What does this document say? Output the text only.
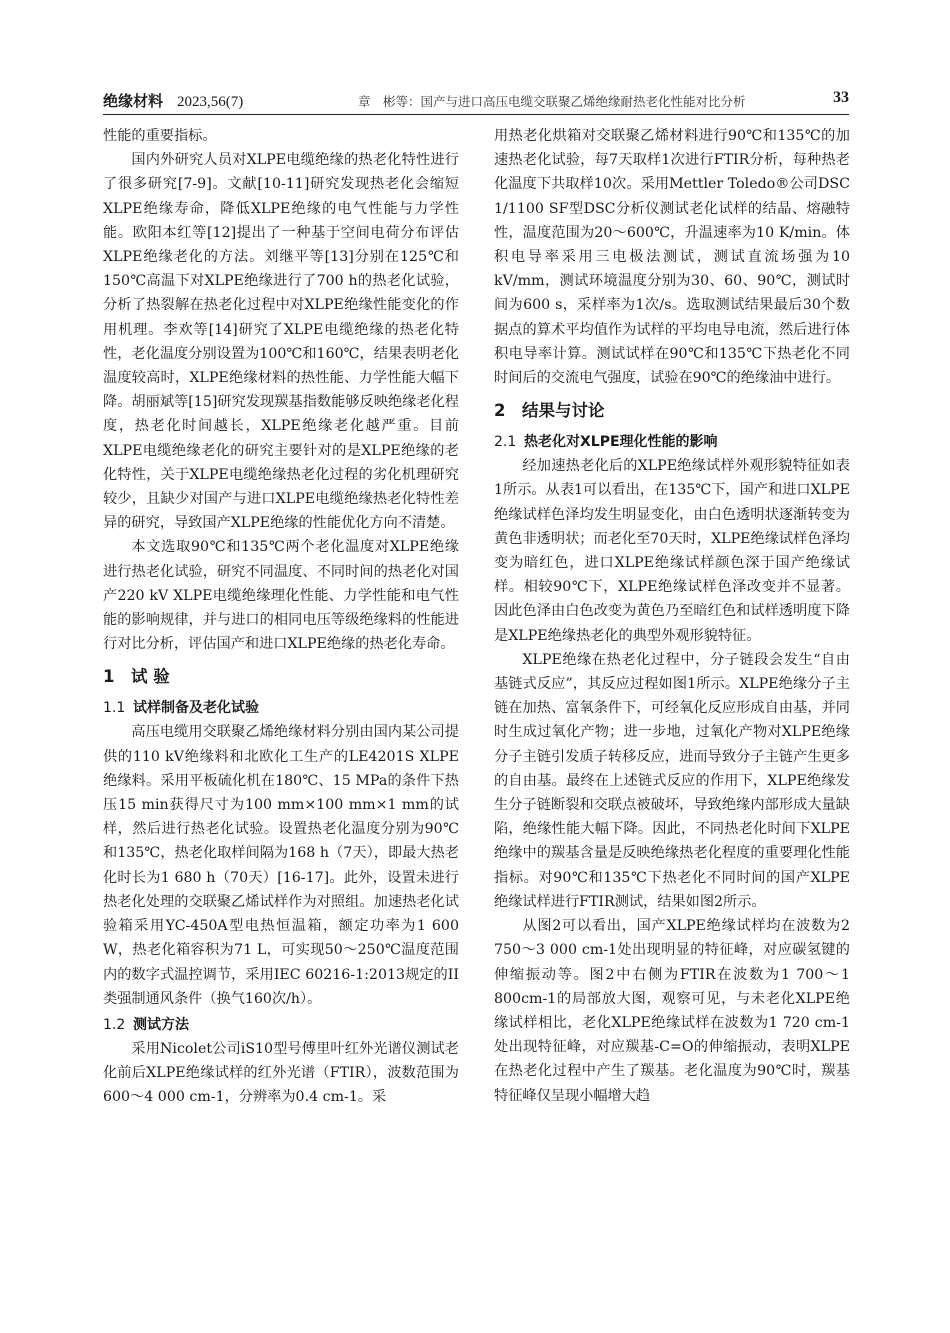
绝缘材料 2023,56(7)	章　彬等：国产与进口高压电缆交联聚乙烯绝缘耐热老化性能对比分析	33

性能的重要指标。

国内外研究人员对XLPE电缆绝缘的热老化特性进行了很多研究[7-9]。文献[10-11]研究发现热老化会缩短XLPE绝缘寿命，降低XLPE绝缘的电气性能与力学性能。欧阳本红等[12]提出了一种基于空间电荷分布评估XLPE绝缘老化的方法。刘继平等[13]分别在125℃和150℃高温下对XLPE绝缘进行了700 h的热老化试验，分析了热裂解在热老化过程中对XLPE绝缘性能变化的作用机理。李欢等[14]研究了XLPE电缆绝缘的热老化特性，老化温度分别设置为100℃和160℃，结果表明老化温度较高时，XLPE绝缘材料的热性能、力学性能大幅下降。胡丽斌等[15]研究发现羰基指数能够反映绝缘老化程度，热老化时间越长，XLPE绝缘老化越严重。目前XLPE电缆绝缘老化的研究主要针对的是XLPE绝缘的老化特性，关于XLPE电缆绝缘热老化过程的劣化机理研究较少，且缺少对国产与进口XLPE电缆绝缘热老化特性差异的研究，导致国产XLPE绝缘的性能优化方向不清楚。

本文选取90℃和135℃两个老化温度对XLPE绝缘进行热老化试验，研究不同温度、不同时间的热老化对国产220 kV XLPE电缆绝缘理化性能、力学性能和电气性能的影响规律，并与进口的相同电压等级绝缘料的性能进行对比分析，评估国产和进口XLPE绝缘的热老化寿命。

1 试 验
1.1 试样制备及老化试验

高压电缆用交联聚乙烯绝缘材料分别由国内某公司提供的110 kV绝缘料和北欧化工生产的LE4201S XLPE绝缘料。采用平板硫化机在180℃、15 MPa的条件下热压15 min获得尺寸为100 mm×100 mm×1 mm的试样，然后进行热老化试验。设置热老化温度分别为90℃和135℃，热老化取样间隔为168 h（7天），即最大热老化时长为1 680 h（70天）[16-17]。此外，设置未进行热老化处理的交联聚乙烯试样作为对照组。加速热老化试验箱采用YC-450A型电热恒温箱，额定功率为1 600 W，热老化箱容积为71 L，可实现50～250℃温度范围内的数字式温控调节，采用IEC 60216-1:2013规定的II类强制通风条件（换气160次/h）。

1.2 测试方法

采用Nicolet公司iS10型号傅里叶红外光谱仪测试老化前后XLPE绝缘试样的红外光谱（FTIR），波数范围为600～4 000 cm-1，分辨率为0.4 cm-1。采

用热老化烘箱对交联聚乙烯材料进行90℃和135℃的加速热老化试验，每7天取样1次进行FTIR分析，每种热老化温度下共取样10次。采用Mettler Toledo®公司DSC 1/1100 SF型DSC分析仪测试老化试样的结晶、熔融特性，温度范围为20～600℃，升温速率为10 K/min。体积电导率采用三电极法测试，测试直流场强为10 kV/mm，测试环境温度分别为30、60、90℃，测试时间为600 s，采样率为1次/s。选取测试结果最后30个数据点的算术平均值作为试样的平均电导电流，然后进行体积电导率计算。测试试样在90℃和135℃下热老化不同时间后的交流电气强度，试验在90℃的绝缘油中进行。

2 结果与讨论
2.1 热老化对XLPE理化性能的影响

经加速热老化后的XLPE绝缘试样外观形貌特征如表1所示。从表1可以看出，在135℃下，国产和进口XLPE绝缘试样色泽均发生明显变化，由白色透明状逐渐转变为黄色非透明状；而老化至70天时，XLPE绝缘试样色泽均变为暗红色，进口XLPE绝缘试样颜色深于国产绝缘试样。相较90℃下，XLPE绝缘试样色泽改变并不显著。因此色泽由白色改变为黄色乃至暗红色和试样透明度下降是XLPE绝缘热老化的典型外观形貌特征。

XLPE绝缘在热老化过程中，分子链段会发生“自由基链式反应”，其反应过程如图1所示。XLPE绝缘分子主链在加热、富氧条件下，可经氧化反应形成自由基，并同时生成过氧化产物；进一步地，过氧化产物对XLPE绝缘分子主链引发质子转移反应，进而导致分子主链产生更多的自由基。最终在上述链式反应的作用下，XLPE绝缘发生分子链断裂和交联点被破坏，导致绝缘内部形成大量缺陷，绝缘性能大幅下降。因此，不同热老化时间下XLPE绝缘中的羰基含量是反映绝缘热老化程度的重要理化性能指标。对90℃和135℃下热老化不同时间的国产XLPE绝缘试样进行FTIR测试，结果如图2所示。

从图2可以看出，国产XLPE绝缘试样均在波数为2 750～3 000 cm-1处出现明显的特征峰，对应碳氢键的伸缩振动等。图2中右侧为FTIR在波数为1 700～1 800cm-1的局部放大图，观察可见，与未老化XLPE绝缘试样相比，老化XLPE绝缘试样在波数为1 720 cm-1处出现特征峰，对应羰基-C=O的伸缩振动，表明XLPE在热老化过程中产生了羰基。老化温度为90℃时，羰基特征峰仅呈现小幅增大趋
